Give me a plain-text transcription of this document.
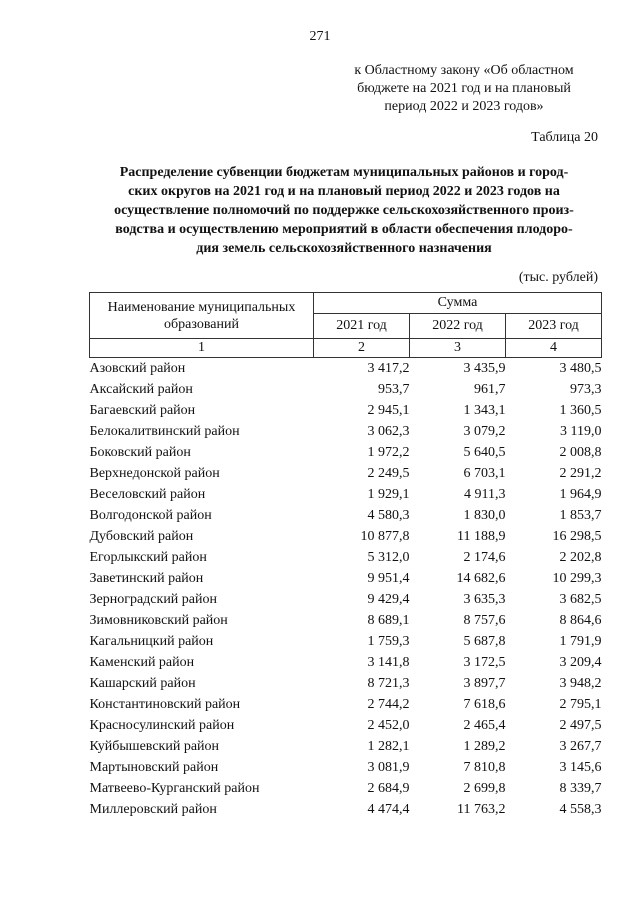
271
к Областному закону «Об областном
бюджете на 2021 год и на плановый
период 2022 и 2023 годов»
Таблица 20
Распределение субвенции бюджетам муниципальных районов и город-
ских округов на 2021 год и на плановый период 2022 и 2023 годов на
осуществление полномочий по поддержке сельскохозяйственного произ-
водства и осуществлению мероприятий в области обеспечения плодоро-
дия земель сельскохозяйственного назначения
(тыс. рублей)
Наименование муниципальных
образований	Сумма		
	2021 год	2022 год	2023 год
1	2	3	4
Азовский район	3 417,2	3 435,9	3 480,5
Аксайский район	953,7	961,7	973,3
Багаевский район	2 945,1	1 343,1	1 360,5
Белокалитвинский район	3 062,3	3 079,2	3 119,0
Боковский район	1 972,2	5 640,5	2 008,8
Верхнедонской район	2 249,5	6 703,1	2 291,2
Веселовский район	1 929,1	4 911,3	1 964,9
Волгодонской район	4 580,3	1 830,0	1 853,7
Дубовский район	10 877,8	11 188,9	16 298,5
Егорлыкский район	5 312,0	2 174,6	2 202,8
Заветинский район	9 951,4	14 682,6	10 299,3
Зерноградский район	9 429,4	3 635,3	3 682,5
Зимовниковский район	8 689,1	8 757,6	8 864,6
Кагальницкий район	1 759,3	5 687,8	1 791,9
Каменский район	3 141,8	3 172,5	3 209,4
Кашарский район	8 721,3	3 897,7	3 948,2
Константиновский район	2 744,2	7 618,6	2 795,1
Красносулинский район	2 452,0	2 465,4	2 497,5
Куйбышевский район	1 282,1	1 289,2	3 267,7
Мартыновский район	3 081,9	7 810,8	3 145,6
Матвеево-Курганский район	2 684,9	2 699,8	8 339,7
Миллеровский район	4 474,4	11 763,2	4 558,3
